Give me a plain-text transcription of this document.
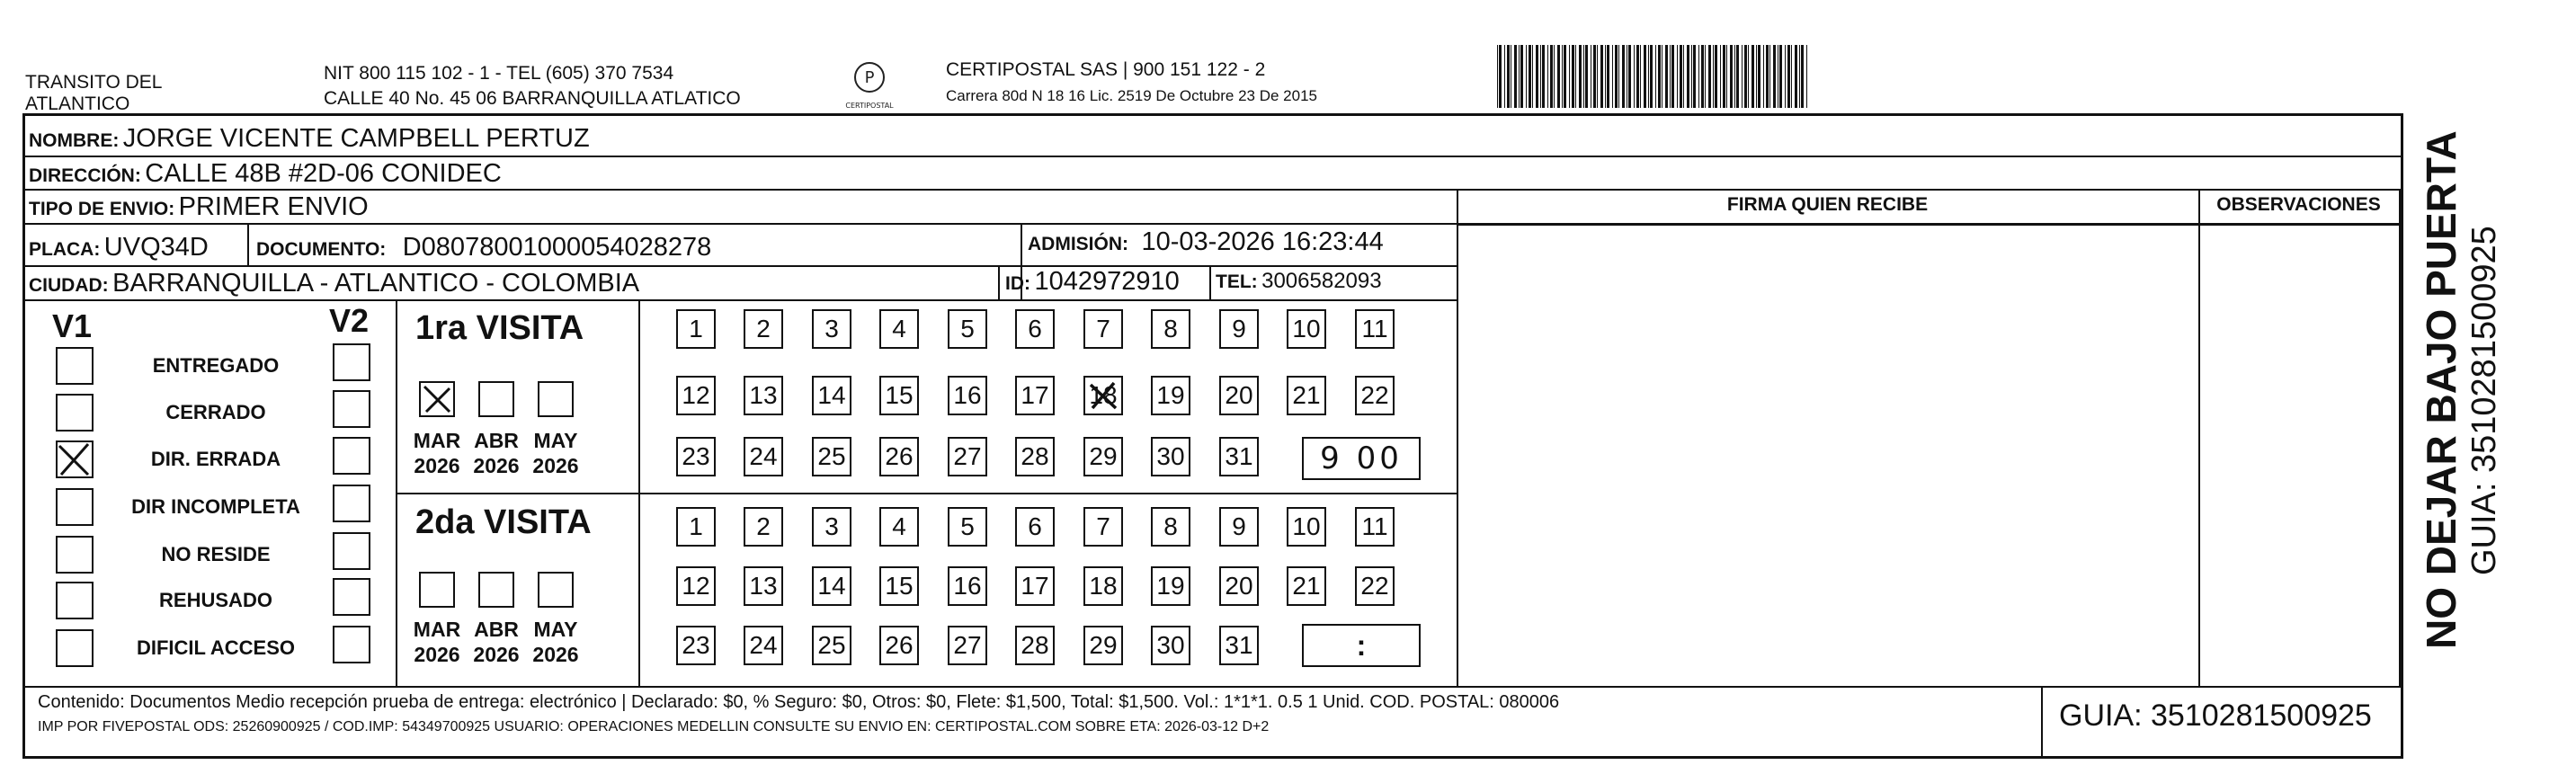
TRANSITO DEL
ATLANTICO
NIT 800 115 102 - 1 - TEL (605) 370 7534
CALLE 40 No. 45 06 BARRANQUILLA ATLATICO
P
CERTIPOSTAL
CERTIPOSTAL SAS | 900 151 122 - 2
Carrera 80d N 18 16 Lic. 2519 De Octubre 23 De 2015
NOMBRE: JORGE VICENTE CAMPBELL PERTUZ
DIRECCIÓN: CALLE 48B #2D-06 CONIDEC
TIPO DE ENVIO: PRIMER ENVIO	FIRMA QUIEN RECIBE	OBSERVACIONES
PLACA: UVQ34D	DOCUMENTO: D08078001000054028278	ADMISIÓN: 10-03-2026 16:23:44
CIUDAD: BARRANQUILLA - ATLANTICO - COLOMBIA	ID: 1042972910 TEL: 3006582093
V1	V2
ENTREGADO
CERRADO
DIR. ERRADA
DIR INCOMPLETA
NO RESIDE
REHUSADO
DIFICIL ACCESO
1ra VISITA
2da VISITA
MAR
2026
ABR
2026
MAY
2026
MAR
2026
ABR
2026
MAY
2026
1 2 3 4 5 6 7 8 9 10 11
12 13 14 15 16 17 18 19 20 21 22
23 24 25 26 27 28 29 30 31
1 2 3 4 5 6 7 8 9 10 11
12 13 14 15 16 17 18 19 20 21 22
23 24 25 26 27 28 29 30 31
9 00
:
Contenido: Documentos Medio recepción prueba de entrega: electrónico | Declarado: $0, % Seguro: $0, Otros: $0, Flete: $1,500, Total: $1,500. Vol.: 1*1*1. 0.5 1 Unid. COD. POSTAL: 080006
IMP POR FIVEPOSTAL ODS: 25260900925 / COD.IMP: 54349700925 USUARIO: OPERACIONES MEDELLIN CONSULTE SU ENVIO EN: CERTIPOSTAL.COM SOBRE ETA: 2026-03-12 D+2	GUIA: 3510281500925
NO DEJAR BAJO PUERTA GUIA: 3510281500925
